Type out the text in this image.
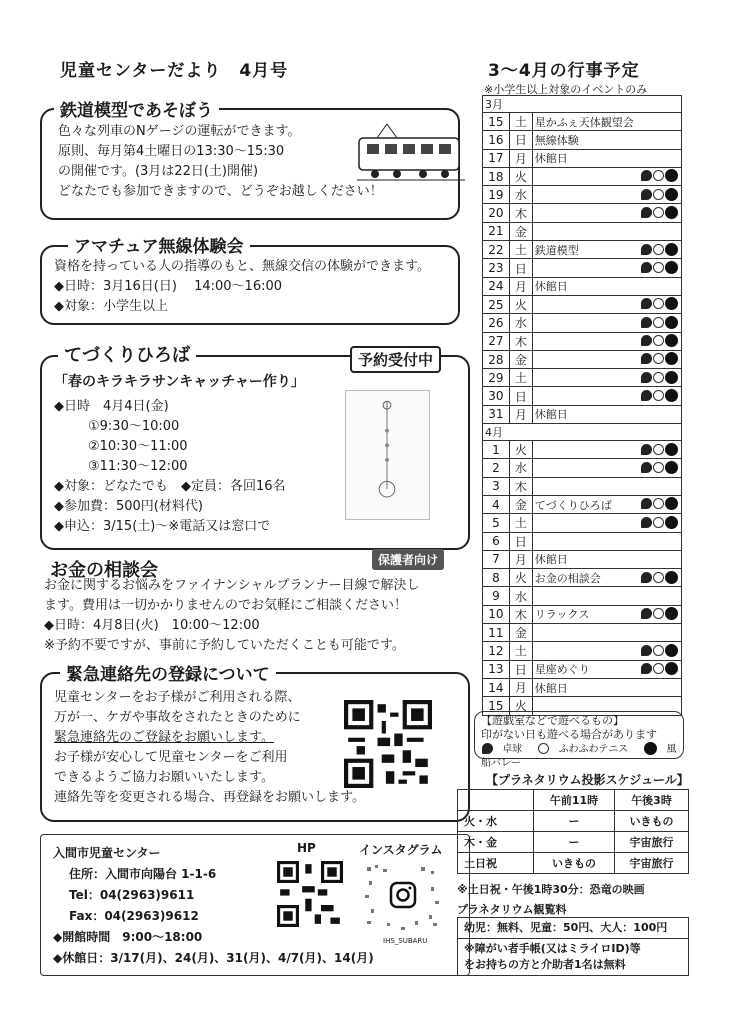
児童センターだより　4月号
鉄道模型であそぼう
色々な列車のNゲージの運転ができます。
原則、毎月第4土曜日の13:30～15:30
の開催です。(3月は22日(土)開催)
どなたでも参加できますので、どうぞお越しください！
アマチュア無線体験会
資格を持っている人の指導のもと、無線交信の体験ができます。
◆日時：3月16日(日)　 14:00～16:00
◆対象：小学生以上
てづくりひろば
「春のキラキラサンキャッチャー作り」
◆日時　4月4日(金)
①9:30～10:00
②10:30～11:00
③11:30～12:00
◆対象：どなたでも　◆定員：各回16名
◆参加費：500円(材料代)
◆申込：3/15(土)～※電話又は窓口で
予約受付中
お金の相談会
お金に関するお悩みをファイナンシャルプランナー目線で解決し
ます。費用は一切かかりませんのでお気軽にご相談ください！
◆日時：4月8日(火)　10:00～12:00
※予約不要ですが、事前に予約していただくことも可能です。
保護者向け
緊急連絡先の登録について
児童センターをお子様がご利用される際、
万が一、ケガや事故をされたときのために
緊急連絡先のご登録をお願いします。
お子様が安心して児童センターをご利用
できるようご協力お願いいたします。
連絡先等を変更される場合、再登録をお願いします。
入間市児童センター
住所：入間市向陽台 1-1-6
Tel：04(2963)9611
Fax：04(2963)9612
◆開館時間　9:00～18:00
◆休館日：3/17(月)、24(月)、31(月)、4/7(月)、14(月)
HP	インスタグラム
IHS_SUBARU
3～4月の行事予定
※小学生以上対象のイベントのみ
3月		
15	土	星かふぇ天体観望会
16	日	無線体験
17	月	休館日
18	火	

19	水	

20	木	

21	金	
22	土	鉄道模型

23	日	

24	月	休館日
25	火	

26	水	

27	木	

28	金	

29	土	

30	日	

31	月	休館日
4月		
1	火	

2	水	

3	木	
4	金	てづくりひろば

5	土	

6	日	
7	月	休館日
8	火	お金の相談会

9	水	
10	木	リラックス

11	金	
12	土	

13	日	星座めぐり

14	月	休館日
15	火	
【遊戯室などで遊べるもの】
印がない日も遊べる場合があります
卓球	ふわふわテニス	風船バレー
【プラネタリウム投影スケジュール】
	午前11時	午後3時
火・水	ー	いきもの
木・金	ー	宇宙旅行
土日祝	いきもの	宇宙旅行
※土日祝・午後1時30分：恐竜の映画
プラネタリウム観覧料
幼児：無料、児童：50円、大人：100円
※障がい者手帳(又はミライロID)等
をお持ちの方と介助者1名は無料
